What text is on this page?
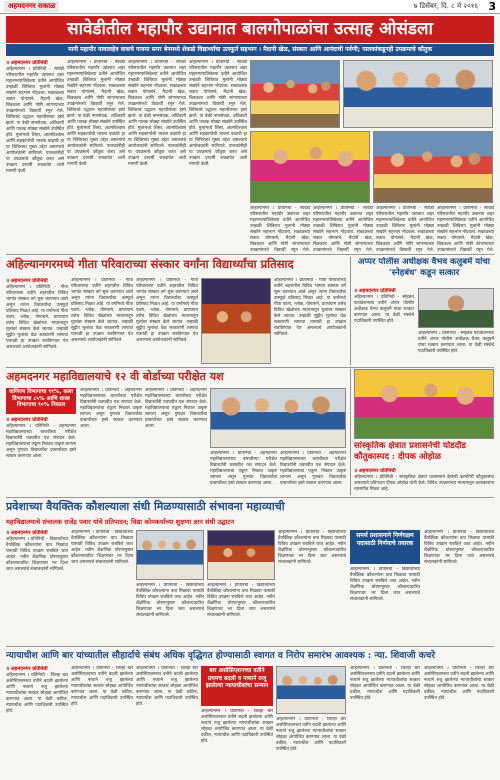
अहमदनगर सकाळ	७ डिसेंबर, दि. ८ मे २०१६ 3
सावेडीतील महापौर उद्यानात बालगोपाळांचा उत्साह ओसंडला
मानी महापौर यावालहेव वाकचे गायमा समर बेनमध्ये शेकडो विद्यार्थ्यांचा उत्स्फूर्त सहभाग । मैदानी खेळ, संस्कार आणि आनंदाची पर्वणी; पालकांकडूनही उपक्रमाचे कौतुक
॥ अहमदनगर प्रतिनिधी
अहिल्यानगर । प्रतिनिधी - सावेडी परिसरातील महापौर उद्यानात शहर महानगरपालिकेच्या वतीने आयोजित उन्हाळी शिबिरात मुलांनी मोठ्या संख्येने सहभाग नोंदवला. सकाळच्या सत्रात योगासने, मैदानी खेळ, चित्रकला आणि गोष्टी सांगण्याच्या उपक्रमांमध्ये विद्यार्थी रमून गेले. शिबिराचे उद्घाटन महापौरांच्या हस्ते झाले. या वेळी नगरसेवक, अधिकारी आणि पालक मोठ्या संख्येने उपस्थित होते. मुलांमध्ये शिस्त, आत्मविश्वास आणि सहकार्याची भावना वाढावी हा या शिबिराचा मुख्य उद्देश असल्याचे आयोजकांनी सांगितले. पालकांनीही या उपक्रमाचे कौतुक करत असे उपक्रम दरवर्षी राबवावेत अशी मागणी केली.
अहिल्यानगर । प्रतिनिधी - सावेडी परिसरातील महापौर उद्यानात शहर महानगरपालिकेच्या वतीने आयोजित उन्हाळी शिबिरात मुलांनी मोठ्या संख्येने सहभाग नोंदवला. सकाळच्या सत्रात योगासने, मैदानी खेळ, चित्रकला आणि गोष्टी सांगण्याच्या उपक्रमांमध्ये विद्यार्थी रमून गेले. शिबिराचे उद्घाटन महापौरांच्या हस्ते झाले. या वेळी नगरसेवक, अधिकारी आणि पालक मोठ्या संख्येने उपस्थित होते. मुलांमध्ये शिस्त, आत्मविश्वास आणि सहकार्याची भावना वाढावी हा या शिबिराचा मुख्य उद्देश असल्याचे आयोजकांनी सांगितले. पालकांनीही या उपक्रमाचे कौतुक करत असे उपक्रम दरवर्षी राबवावेत अशी मागणी केली.
अहिल्यानगर । प्रतिनिधी - सावेडी परिसरातील महापौर उद्यानात शहर महानगरपालिकेच्या वतीने आयोजित उन्हाळी शिबिरात मुलांनी मोठ्या संख्येने सहभाग नोंदवला. सकाळच्या सत्रात योगासने, मैदानी खेळ, चित्रकला आणि गोष्टी सांगण्याच्या उपक्रमांमध्ये विद्यार्थी रमून गेले. शिबिराचे उद्घाटन महापौरांच्या हस्ते झाले. या वेळी नगरसेवक, अधिकारी आणि पालक मोठ्या संख्येने उपस्थित होते. मुलांमध्ये शिस्त, आत्मविश्वास आणि सहकार्याची भावना वाढावी हा या शिबिराचा मुख्य उद्देश असल्याचे आयोजकांनी सांगितले. पालकांनीही या उपक्रमाचे कौतुक करत असे उपक्रम दरवर्षी राबवावेत अशी मागणी केली.
अहिल्यानगर । प्रतिनिधी - सावेडी परिसरातील महापौर उद्यानात शहर महानगरपालिकेच्या वतीने आयोजित उन्हाळी शिबिरात मुलांनी मोठ्या संख्येने सहभाग नोंदवला. सकाळच्या सत्रात योगासने, मैदानी खेळ, चित्रकला आणि गोष्टी सांगण्याच्या उपक्रमांमध्ये विद्यार्थी रमून गेले. शिबिराचे उद्घाटन महापौरांच्या हस्ते झाले. या वेळी नगरसेवक, अधिकारी आणि पालक मोठ्या संख्येने उपस्थित होते. मुलांमध्ये शिस्त, आत्मविश्वास आणि सहकार्याची भावना वाढावी हा या शिबिराचा मुख्य उद्देश असल्याचे आयोजकांनी सांगितले. पालकांनीही या उपक्रमाचे कौतुक करत असे उपक्रम दरवर्षी राबवावेत अशी मागणी केली.
अहिल्यानगर । प्रतिनिधी - सावेडी परिसरातील महापौर उद्यानात शहर महानगरपालिकेच्या वतीने आयोजित उन्हाळी शिबिरात मुलांनी मोठ्या संख्येने सहभाग नोंदवला. सकाळच्या सत्रात योगासने, मैदानी खेळ, चित्रकला आणि गोष्टी सांगण्याच्या उपक्रमांमध्ये विद्यार्थी रमून गेले.
अहिल्यानगर । प्रतिनिधी - सावेडी परिसरातील महापौर उद्यानात शहर महानगरपालिकेच्या वतीने आयोजित उन्हाळी शिबिरात मुलांनी मोठ्या संख्येने सहभाग नोंदवला. सकाळच्या सत्रात योगासने, मैदानी खेळ, चित्रकला आणि गोष्टी सांगण्याच्या उपक्रमांमध्ये विद्यार्थी रमून गेले.
अहिल्यानगर । प्रतिनिधी - सावेडी परिसरातील महापौर उद्यानात शहर महानगरपालिकेच्या वतीने आयोजित उन्हाळी शिबिरात मुलांनी मोठ्या संख्येने सहभाग नोंदवला. सकाळच्या सत्रात योगासने, मैदानी खेळ, चित्रकला आणि गोष्टी सांगण्याच्या उपक्रमांमध्ये विद्यार्थी रमून गेले.
अहिल्यानगर । प्रतिनिधी - सावेडी परिसरातील महापौर उद्यानात शहर महानगरपालिकेच्या वतीने आयोजित उन्हाळी शिबिरात मुलांनी मोठ्या संख्येने सहभाग नोंदवला. सकाळच्या सत्रात योगासने, मैदानी खेळ, चित्रकला आणि गोष्टी सांगण्याच्या उपक्रमांमध्ये विद्यार्थी रमून गेले.
अहिल्यानगरमध्ये गीता परिवाराच्या संस्कार वर्गांना विद्यार्थ्यांचा प्रतिसाद
॥ अहमदनगर प्रतिनिधी
अहिल्यानगर । प्रतिनिधी - गीता परिवाराच्या वतीने शहरातील विविध भागांत संस्कार वर्ग सुरू करण्यात आले असून त्यांना विद्यार्थ्यांचा उत्स्फूर्त प्रतिसाद मिळत आहे. या वर्गांमध्ये गीता पठण, श्लोक, योगासने, प्राणायाम तसेच विविध खेळांच्या माध्यमातून मुलांवर संस्कार केले जातात. उन्हाळी सुट्टीत मुलांचा वेळ सत्कारणी लागावा यासाठी हा उपक्रम राबविण्यात येत असल्याचे आयोजकांनी सांगितले.
अहिल्यानगर । प्रतिनिधी - गीता परिवाराच्या वतीने शहरातील विविध भागांत संस्कार वर्ग सुरू करण्यात आले असून त्यांना विद्यार्थ्यांचा उत्स्फूर्त प्रतिसाद मिळत आहे. या वर्गांमध्ये गीता पठण, श्लोक, योगासने, प्राणायाम तसेच विविध खेळांच्या माध्यमातून मुलांवर संस्कार केले जातात. उन्हाळी सुट्टीत मुलांचा वेळ सत्कारणी लागावा यासाठी हा उपक्रम राबविण्यात येत असल्याचे आयोजकांनी सांगितले.
अहिल्यानगर । प्रतिनिधी - गीता परिवाराच्या वतीने शहरातील विविध भागांत संस्कार वर्ग सुरू करण्यात आले असून त्यांना विद्यार्थ्यांचा उत्स्फूर्त प्रतिसाद मिळत आहे. या वर्गांमध्ये गीता पठण, श्लोक, योगासने, प्राणायाम तसेच विविध खेळांच्या माध्यमातून मुलांवर संस्कार केले जातात. उन्हाळी सुट्टीत मुलांचा वेळ सत्कारणी लागावा यासाठी हा उपक्रम राबविण्यात येत असल्याचे आयोजकांनी सांगितले.
अहिल्यानगर । प्रतिनिधी - गीता परिवाराच्या वतीने शहरातील विविध भागांत संस्कार वर्ग सुरू करण्यात आले असून त्यांना विद्यार्थ्यांचा उत्स्फूर्त प्रतिसाद मिळत आहे. या वर्गांमध्ये गीता पठण, श्लोक, योगासने, प्राणायाम तसेच विविध खेळांच्या माध्यमातून मुलांवर संस्कार केले जातात. उन्हाळी सुट्टीत मुलांचा वेळ सत्कारणी लागावा यासाठी हा उपक्रम राबविण्यात येत असल्याचे आयोजकांनी सांगितले.
अप्पर पोलीस अधीक्षक वैभव कलुबर्मे यांचा ‘स्नेहबंध’ कडून सत्कार
॥ अहमदनगर प्रतिनिधी
अहिल्यानगर । प्रतिनिधी - स्नेहबंध फाउंडेशनच्या वतीने अप्पर पोलीस अधीक्षक वैभव कलुबर्मे यांचा सत्कार करण्यात आला. या वेळी संस्थेचे पदाधिकारी उपस्थित होते.
अहिल्यानगर । प्रतिनिधी - स्नेहबंध फाउंडेशनच्या वतीने अप्पर पोलीस अधीक्षक वैभव कलुबर्मे यांचा सत्कार करण्यात आला. या वेळी संस्थेचे पदाधिकारी उपस्थित होते.
अहमदनगर महाविद्यालयाचे १२ वी बोर्डाच्या परीक्षेत यश
वाणिज्य विभागाचा ९९%, कला विभागाचा ८५% आणि शास्त्र विभागाचा ९०% निकाल
॥ अहमदनगर प्रतिनिधी
अहिल्यानगर । प्रतिनिधी - अहमदनगर महाविद्यालयाच्या बारावीच्या परीक्षेत विद्यार्थ्यांनी घवघवीत यश संपादन केले. महाविद्यालयाचा एकूण निकाल उत्कृष्ट लागला असून गुणवंत विद्यार्थ्यांचा प्राचार्यांच्या हस्ते सत्कार करण्यात आला.
अहिल्यानगर । प्रतिनिधी - अहमदनगर महाविद्यालयाच्या बारावीच्या परीक्षेत विद्यार्थ्यांनी घवघवीत यश संपादन केले. महाविद्यालयाचा एकूण निकाल उत्कृष्ट लागला असून गुणवंत विद्यार्थ्यांचा प्राचार्यांच्या हस्ते सत्कार करण्यात आला.
अहिल्यानगर । प्रतिनिधी - अहमदनगर महाविद्यालयाच्या बारावीच्या परीक्षेत विद्यार्थ्यांनी घवघवीत यश संपादन केले. महाविद्यालयाचा एकूण निकाल उत्कृष्ट लागला असून गुणवंत विद्यार्थ्यांचा प्राचार्यांच्या हस्ते सत्कार करण्यात आला.
अहिल्यानगर । प्रतिनिधी - अहमदनगर महाविद्यालयाच्या बारावीच्या परीक्षेत विद्यार्थ्यांनी घवघवीत यश संपादन केले. महाविद्यालयाचा एकूण निकाल उत्कृष्ट लागला असून गुणवंत विद्यार्थ्यांचा प्राचार्यांच्या हस्ते सत्कार करण्यात आला.
अहिल्यानगर । प्रतिनिधी - अहमदनगर महाविद्यालयाच्या बारावीच्या परीक्षेत विद्यार्थ्यांनी घवघवीत यश संपादन केले. महाविद्यालयाचा एकूण निकाल उत्कृष्ट लागला असून गुणवंत विद्यार्थ्यांचा प्राचार्यांच्या हस्ते सत्कार करण्यात आला.
सांस्कृतिक क्षेत्रात प्रशासनेची घोडदौड कौतुकास्पद : दीपक ओहोळ
॥ अहमदनगर प्रतिनिधी
अहिल्यानगर । प्रतिनिधी - सांस्कृतिक क्षेत्रात प्रशासनाने केलेली कामगिरी कौतुकास्पद असल्याचे प्रतिपादन दीपक ओहोळ यांनी केले. विविध उपक्रमांच्या माध्यमातून कलाकारांना व्यासपीठ मिळत आहे.
प्रवेशाच्या वैयक्तिक कौशल्याला संधी मिळण्यासाठी संभावना महाव्याची
महाविद्यालयाचे संचालक राजेंद्र पवार यांचे प्रतिपादन; विद्या कोमकर्याच्या शुक्षणा ज्ञान संधी उद्घाटन
॥ अहमदनगर प्रतिनिधी
अहिल्यानगर । प्रतिनिधी - विद्यार्थ्यांच्या वैयक्तिक कौशल्यांना वाव मिळावा यासाठी विविध उपक्रम राबविले जात आहेत. नवीन शैक्षणिक धोरणानुसार कौशल्याधारित शिक्षणावर भर दिला जात असल्याचे संचालकांनी सांगितले.
अहिल्यानगर । प्रतिनिधी - विद्यार्थ्यांच्या वैयक्तिक कौशल्यांना वाव मिळावा यासाठी विविध उपक्रम राबविले जात आहेत. नवीन शैक्षणिक धोरणानुसार कौशल्याधारित शिक्षणावर भर दिला जात असल्याचे संचालकांनी सांगितले.
अहिल्यानगर । प्रतिनिधी - विद्यार्थ्यांच्या वैयक्तिक कौशल्यांना वाव मिळावा यासाठी विविध उपक्रम राबविले जात आहेत. नवीन शैक्षणिक धोरणानुसार कौशल्याधारित शिक्षणावर भर दिला जात असल्याचे संचालकांनी सांगितले.
अहिल्यानगर । प्रतिनिधी - विद्यार्थ्यांच्या वैयक्तिक कौशल्यांना वाव मिळावा यासाठी विविध उपक्रम राबविले जात आहेत. नवीन शैक्षणिक धोरणानुसार कौशल्याधारित शिक्षणावर भर दिला जात असल्याचे संचालकांनी सांगितले.
अहिल्यानगर । प्रतिनिधी - विद्यार्थ्यांच्या वैयक्तिक कौशल्यांना वाव मिळावा यासाठी विविध उपक्रम राबविले जात आहेत. नवीन शैक्षणिक धोरणानुसार कौशल्याधारित शिक्षणावर भर दिला जात असल्याचे संचालकांनी सांगितले.
समर्थ प्रशासनाने निर्णयक्षम पदासाठी निर्णयाचे तयारक
अहिल्यानगर । प्रतिनिधी - विद्यार्थ्यांच्या वैयक्तिक कौशल्यांना वाव मिळावा यासाठी विविध उपक्रम राबविले जात आहेत. नवीन शैक्षणिक धोरणानुसार कौशल्याधारित शिक्षणावर भर दिला जात असल्याचे संचालकांनी सांगितले.
अहिल्यानगर । प्रतिनिधी - विद्यार्थ्यांच्या वैयक्तिक कौशल्यांना वाव मिळावा यासाठी विविध उपक्रम राबविले जात आहेत. नवीन शैक्षणिक धोरणानुसार कौशल्याधारित शिक्षणावर भर दिला जात असल्याचे संचालकांनी सांगितले.
न्यायाधीश आणि बार यांच्यातील सौहार्दाचे संबंध अधिक वृद्धिगत होण्यासाठी स्वागत व निरोप समारंभ आवश्यक : न्या. शिवाजी कचरे
॥ अहमदनगर प्रतिनिधी
अहिल्यानगर । प्रतिनिधी - जिल्हा बार असोसिएशनच्या वतीने बदली झालेल्या आणि नव्याने रुजू झालेल्या न्यायाधीशांचा सत्कार सोहळा आयोजित करण्यात आला. या वेळी वकील, न्यायाधीश आणि पदाधिकारी उपस्थित होते.
अहिल्यानगर । प्रतिनिधी - जिल्हा बार असोसिएशनच्या वतीने बदली झालेल्या आणि नव्याने रुजू झालेल्या न्यायाधीशांचा सत्कार सोहळा आयोजित करण्यात आला. या वेळी वकील, न्यायाधीश आणि पदाधिकारी उपस्थित होते.
अहिल्यानगर । प्रतिनिधी - जिल्हा बार असोसिएशनच्या वतीने बदली झालेल्या आणि नव्याने रुजू झालेल्या न्यायाधीशांचा सत्कार सोहळा आयोजित करण्यात आला. या वेळी वकील, न्यायाधीश आणि पदाधिकारी उपस्थित होते.
बार असोसिएशनच्या वतीने प्रथमच बदली व नव्याने रुजू झालेल्या न्यायाधीशांचा सन्मान
अहिल्यानगर । प्रतिनिधी - जिल्हा बार असोसिएशनच्या वतीने बदली झालेल्या आणि नव्याने रुजू झालेल्या न्यायाधीशांचा सत्कार सोहळा आयोजित करण्यात आला. या वेळी वकील, न्यायाधीश आणि पदाधिकारी उपस्थित होते.
अहिल्यानगर । प्रतिनिधी - जिल्हा बार असोसिएशनच्या वतीने बदली झालेल्या आणि नव्याने रुजू झालेल्या न्यायाधीशांचा सत्कार सोहळा आयोजित करण्यात आला. या वेळी वकील, न्यायाधीश आणि पदाधिकारी उपस्थित होते.
अहिल्यानगर । प्रतिनिधी - जिल्हा बार असोसिएशनच्या वतीने बदली झालेल्या आणि नव्याने रुजू झालेल्या न्यायाधीशांचा सत्कार सोहळा आयोजित करण्यात आला. या वेळी वकील, न्यायाधीश आणि पदाधिकारी उपस्थित होते.
अहिल्यानगर । प्रतिनिधी - जिल्हा बार असोसिएशनच्या वतीने बदली झालेल्या आणि नव्याने रुजू झालेल्या न्यायाधीशांचा सत्कार सोहळा आयोजित करण्यात आला. या वेळी वकील, न्यायाधीश आणि पदाधिकारी उपस्थित होते.
